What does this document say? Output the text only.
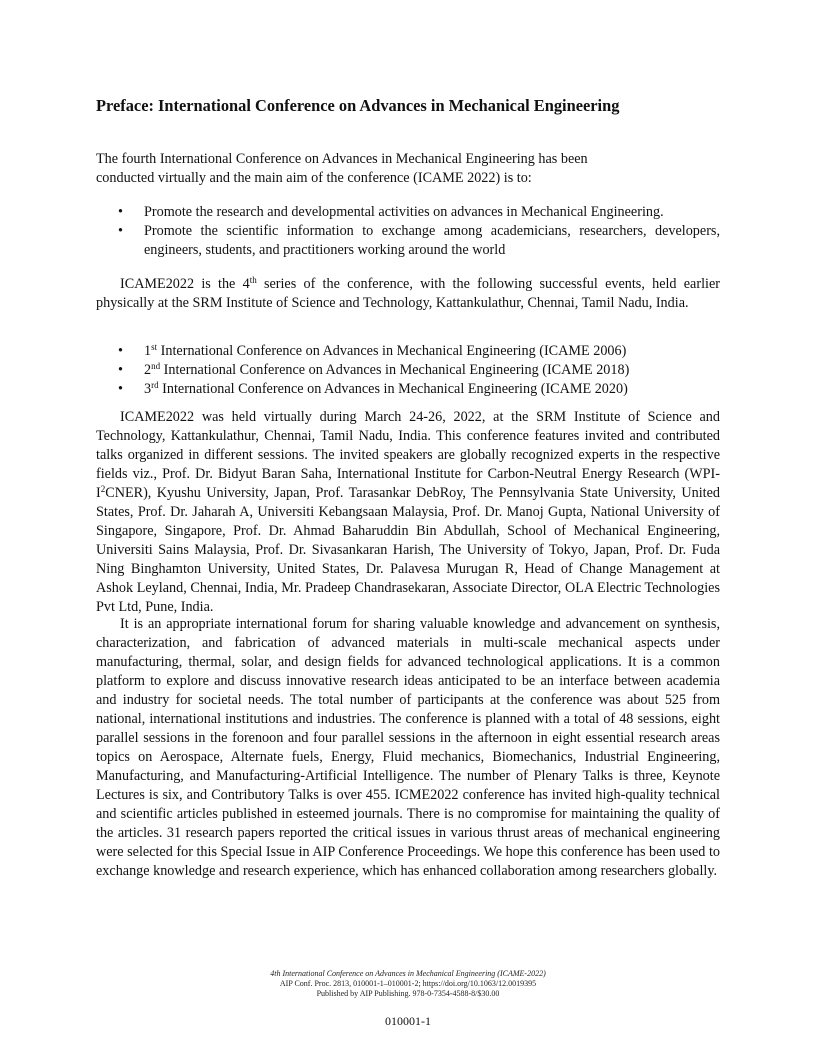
Preface: International Conference on Advances in Mechanical Engineering

The fourth International Conference on Advances in Mechanical Engineering has been

conducted virtually and the main aim of the conference (ICAME 2022) is to:

• Promote the research and developmental activities on advances in Mechanical Engineering.
• Promote the scientific information to exchange among academicians, researchers, developers, engineers, students, and practitioners working around the world

ICAME2022 is the 4th series of the conference, with the following successful events, held earlier physically at the SRM Institute of Science and Technology, Kattankulathur, Chennai, Tamil Nadu, India.

• 1st International Conference on Advances in Mechanical Engineering (ICAME 2006)
• 2nd International Conference on Advances in Mechanical Engineering (ICAME 2018)
• 3rd International Conference on Advances in Mechanical Engineering (ICAME 2020)

ICAME2022 was held virtually during March 24-26, 2022, at the SRM Institute of Science and Technology, Kattankulathur, Chennai, Tamil Nadu, India. This conference features invited and contributed talks organized in different sessions. The invited speakers are globally recognized experts in the respective fields viz., Prof. Dr. Bidyut Baran Saha, International Institute for Carbon-Neutral Energy Research $(WPI-I^2CNER)$, Kyushu University, Japan, Prof. Tarasankar DebRoy, The Pennsylvania State University, United States, Prof. Dr. Jaharah A, Universiti Kebangsaan Malaysia, Prof. Dr. Manoj Gupta, National University of Singapore, Singapore, Prof. Dr. Ahmad Baharuddin Bin Abdullah, School of Mechanical Engineering, Universiti Sains Malaysia, Prof. Dr. Sivasankaran Harish, The University of Tokyo, Japan, Prof. Dr. Fuda Ning Binghamton University, United States, Dr. Palavesa Murugan R, Head of Change Management at Ashok Leyland, Chennai, India, Mr. Pradeep Chandrasekaran, Associate Director, OLA Electric Technologies Pvt Ltd, Pune, India.

It is an appropriate international forum for sharing valuable knowledge and advancement on synthesis, characterization, and fabrication of advanced materials in multi-scale mechanical aspects under manufacturing, thermal, solar, and design fields for advanced technological applications. It is a common platform to explore and discuss innovative research ideas anticipated to be an interface between academia and industry for societal needs. The total number of participants at the conference was about 525 from national, international institutions and industries. The conference is planned with a total of 48 sessions, eight parallel sessions in the forenoon and four parallel sessions in the afternoon in eight essential research areas topics on Aerospace, Alternate fuels, Energy, Fluid mechanics, Biomechanics, Industrial Engineering, Manufacturing, and Manufacturing-Artificial Intelligence. The number of Plenary Talks is three, Keynote Lectures is six, and Contributory Talks is over 455. ICME2022 conference has invited high-quality technical and scientific articles published in esteemed journals. There is no compromise for maintaining the quality of the articles. 31 research papers reported the critical issues in various thrust areas of mechanical engineering were selected for this Special Issue in AIP Conference Proceedings. We hope this conference has been used to exchange knowledge and research experience, which has enhanced collaboration among researchers globally.

4th International Conference on Advances in Mechanical Engineering (ICAME-2022)
AIP Conf. Proc. 2813, 010001-1–010001-2; https://doi.org/10.1063/12.0019395
Published by AIP Publishing. 978-0-7354-4588-8/$30.00
010001-1
